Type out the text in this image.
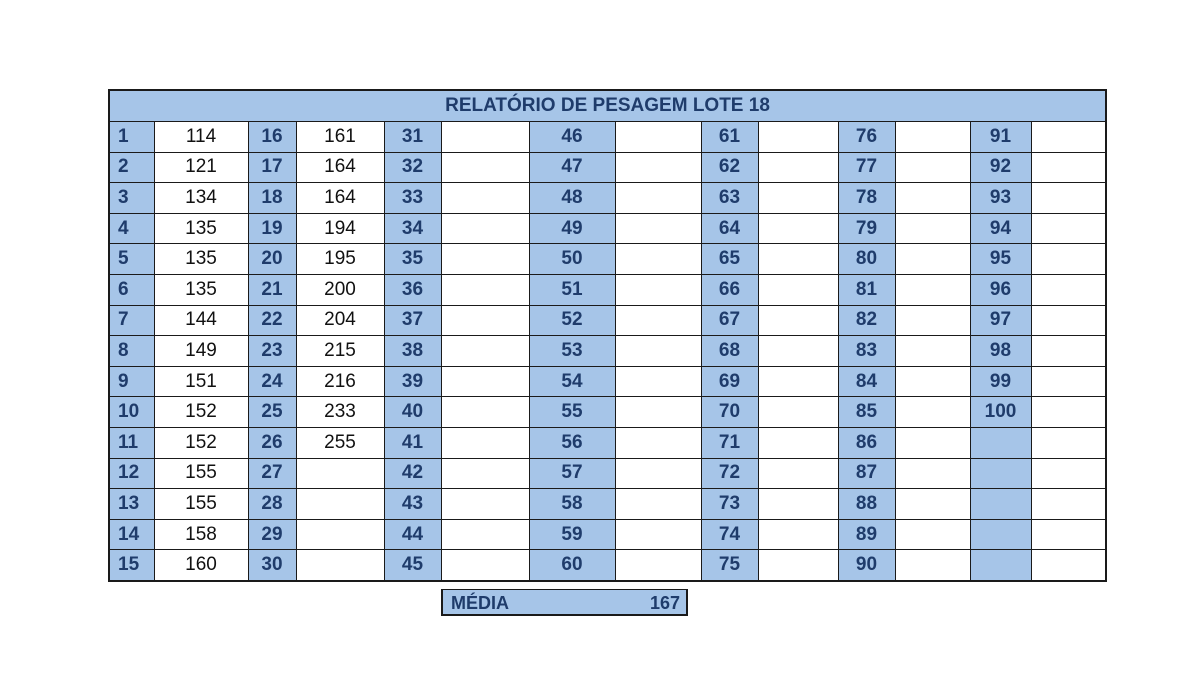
RELATÓRIO DE PESAGEM LOTE 18													
1	114	16	161	31		46		61		76		91	
2	121	17	164	32		47		62		77		92	
3	134	18	164	33		48		63		78		93	
4	135	19	194	34		49		64		79		94	
5	135	20	195	35		50		65		80		95	
6	135	21	200	36		51		66		81		96	
7	144	22	204	37		52		67		82		97	
8	149	23	215	38		53		68		83		98	
9	151	24	216	39		54		69		84		99	
10	152	25	233	40		55		70		85		100	
11	152	26	255	41		56		71		86			
12	155	27		42		57		72		87			
13	155	28		43		58		73		88			
14	158	29		44		59		74		89			
15	160	30		45		60		75		90			
MÉDIA	167
